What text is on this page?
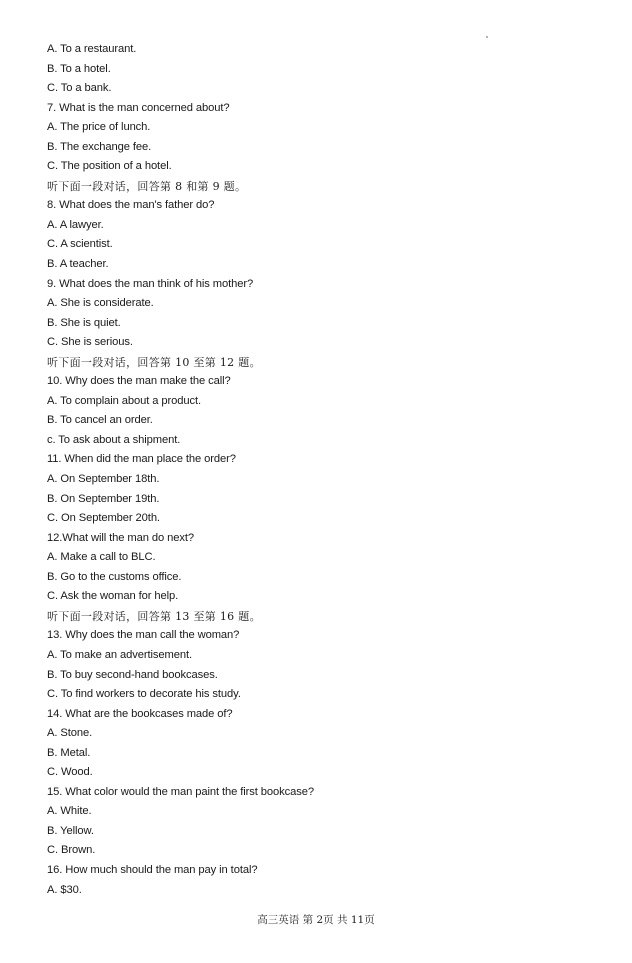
A. To a restaurant.
B. To a hotel.
C. To a bank.
7. What is the man concerned about?
A. The price of lunch.
B. The exchange fee.
C. The position of a hotel.
听下面一段对话，回答第 8 和第 9 题。
8. What does the man's father do?
A. A lawyer.
C. A scientist.
B. A teacher.
9. What does the man think of his mother?
A. She is considerate.
B. She is quiet.
C. She is serious.
听下面一段对话，回答第 10 至第 12 题。
10. Why does the man make the call?
A. To complain about a product.
B. To cancel an order.
c. To ask about a shipment.
11. When did the man place the order?
A. On September 18th.
B. On September 19th.
C. On September 20th.
12.What will the man do next?
A. Make a call to BLC.
B. Go to the customs office.
C. Ask the woman for help.
听下面一段对话，回答第 13 至第 16 题。
13. Why does the man call the woman?
A. To make an advertisement.
B. To buy second-hand bookcases.
C. To find workers to decorate his study.
14. What are the bookcases made of?
A. Stone.
B. Metal.
C. Wood.
15. What color would the man paint the first bookcase?
A. White.
B. Yellow.
C. Brown.
16. How much should the man pay in total?
A. $30.
高三英语 第 2页 共 11页
